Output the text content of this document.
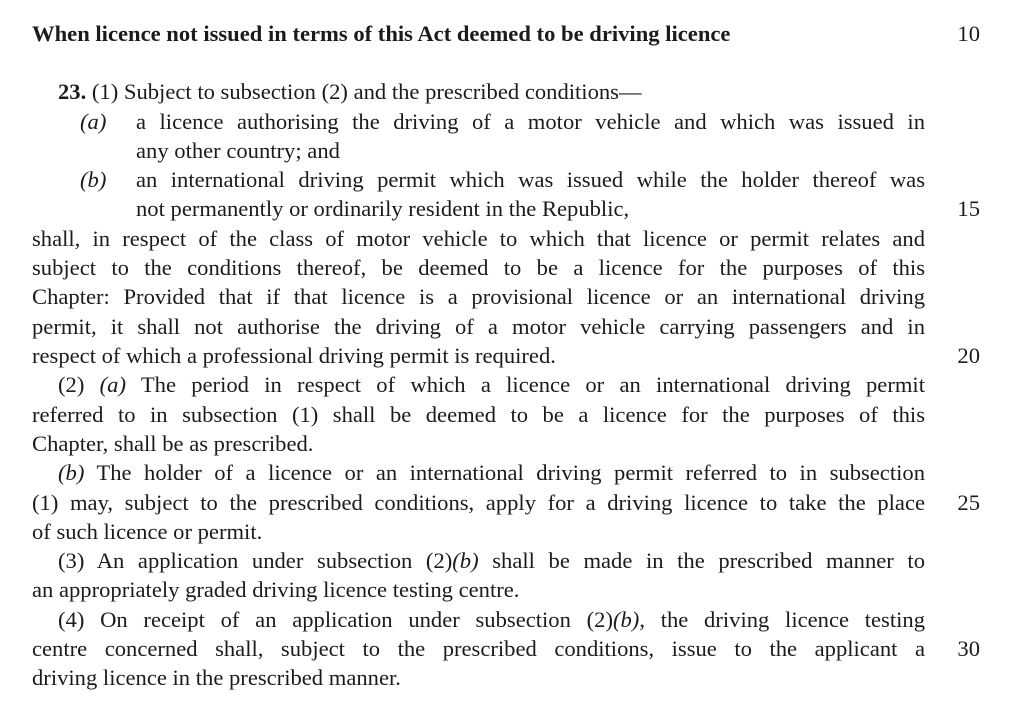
When licence not issued in terms of this Act deemed to be driving licence	10
23. (1) Subject to subsection (2) and the prescribed conditions—
(a)	a licence authorising the driving of a motor vehicle and which was issued in
any other country; and
(b)	an international driving permit which was issued while the holder thereof was
not permanently or ordinarily resident in the Republic,	15
shall, in respect of the class of motor vehicle to which that licence or permit relates and
subject to the conditions thereof, be deemed to be a licence for the purposes of this
Chapter: Provided that if that licence is a provisional licence or an international driving
permit, it shall not authorise the driving of a motor vehicle carrying passengers and in
respect of which a professional driving permit is required.	20
(2) (a) The period in respect of which a licence or an international driving permit
referred to in subsection (1) shall be deemed to be a licence for the purposes of this
Chapter, shall be as prescribed.
(b) The holder of a licence or an international driving permit referred to in subsection
(1) may, subject to the prescribed conditions, apply for a driving licence to take the place	25
of such licence or permit.
(3) An application under subsection (2)(b) shall be made in the prescribed manner to
an appropriately graded driving licence testing centre.
(4) On receipt of an application under subsection (2)(b), the driving licence testing
centre concerned shall, subject to the prescribed conditions, issue to the applicant a	30
driving licence in the prescribed manner.
